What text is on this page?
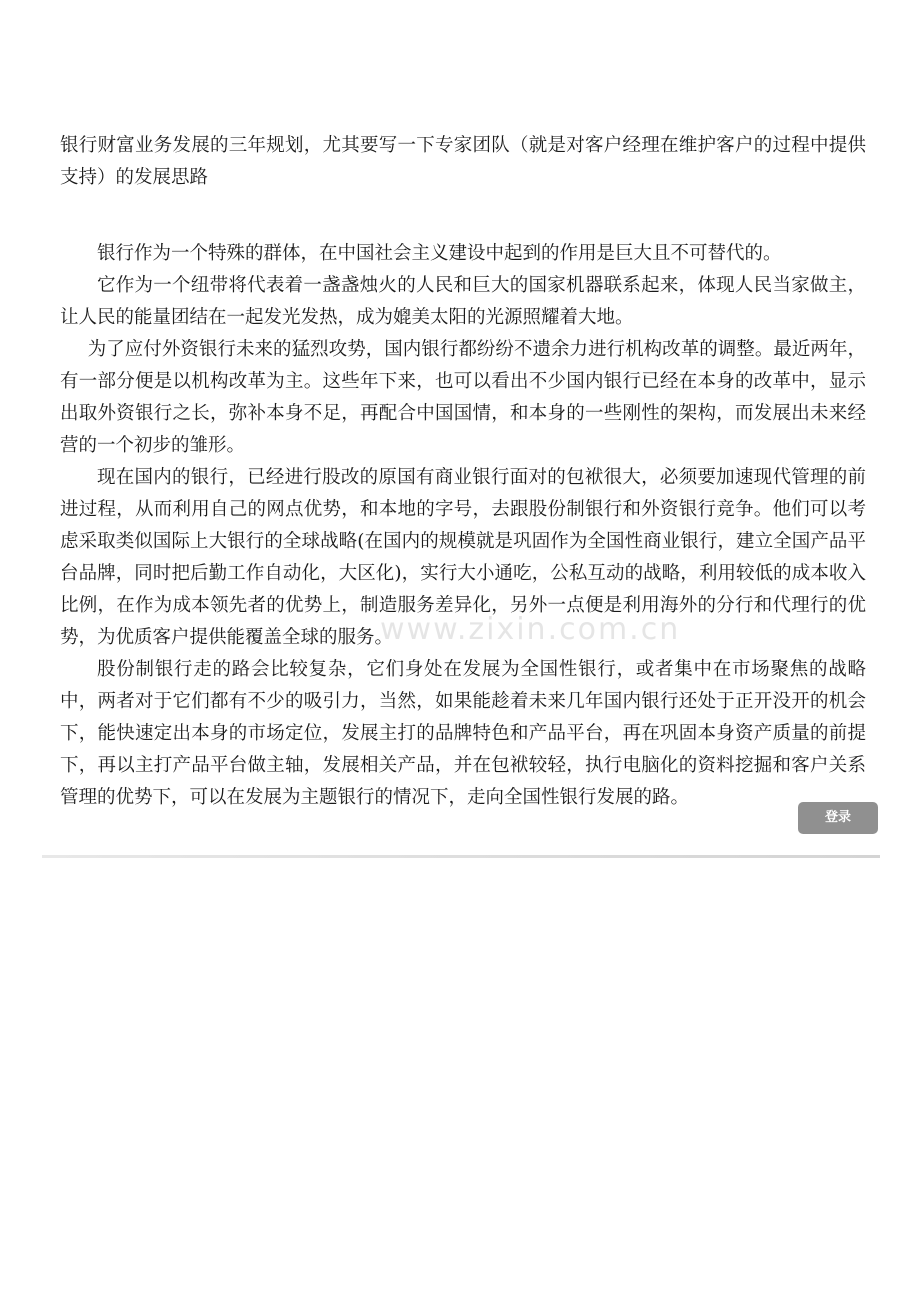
银行财富业务发展的三年规划，尤其要写一下专家团队（就是对客户经理在维护客户的过程中提供支持）的发展思路

银行作为一个特殊的群体，在中国社会主义建设中起到的作用是巨大且不可替代的。

它作为一个纽带将代表着一盏盏烛火的人民和巨大的国家机器联系起来，体现人民当家做主，让人民的能量团结在一起发光发热，成为媲美太阳的光源照耀着大地。

为了应付外资银行未来的猛烈攻势，国内银行都纷纷不遗余力进行机构改革的调整。最近两年，有一部分便是以机构改革为主。这些年下来，也可以看出不少国内银行已经在本身的改革中，显示出取外资银行之长，弥补本身不足，再配合中国国情，和本身的一些刚性的架构，而发展出未来经营的一个初步的雏形。

现在国内的银行，已经进行股改的原国有商业银行面对的包袱很大，必须要加速现代管理的前进过程，从而利用自己的网点优势，和本地的字号，去跟股份制银行和外资银行竞争。他们可以考虑采取类似国际上大银行的全球战略(在国内的规模就是巩固作为全国性商业银行，建立全国产品平台品牌，同时把后勤工作自动化，大区化)，实行大小通吃，公私互动的战略，利用较低的成本收入比例，在作为成本领先者的优势上，制造服务差异化，另外一点便是利用海外的分行和代理行的优势，为优质客户提供能覆盖全球的服务。

股份制银行走的路会比较复杂，它们身处在发展为全国性银行，或者集中在市场聚焦的战略中，两者对于它们都有不少的吸引力，当然，如果能趁着未来几年国内银行还处于正开没开的机会下，能快速定出本身的市场定位，发展主打的品牌特色和产品平台，再在巩固本身资产质量的前提下，再以主打产品平台做主轴，发展相关产品，并在包袱较轻，执行电脑化的资料挖掘和客户关系管理的优势下，可以在发展为主题银行的情况下，走向全国性银行发展的路。

www.zixin.com.cn
登录
